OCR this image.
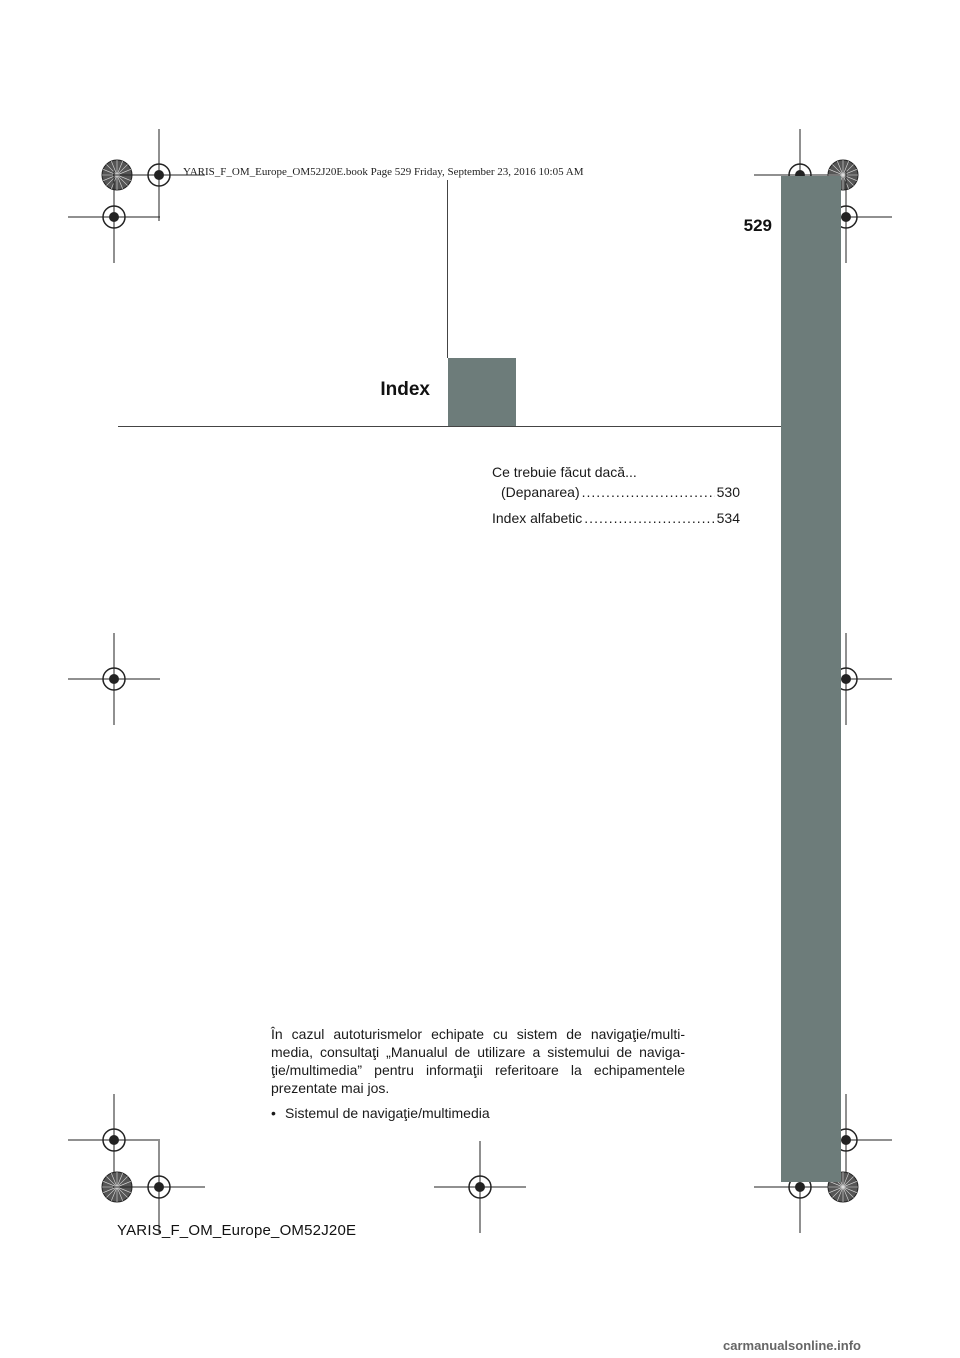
YARIS_F_OM_Europe_OM52J20E.book Page 529 Friday, September 23, 2016 10:05 AM
529
Index
Ce trebuie făcut dacă...
(Depanarea) .....	530
Index alfabetic .....	534
În cazul autoturismelor echipate cu sistem de navigaţie/multi-media, consultaţi „Manualul de utilizare a sistemului de naviga-ţie/multimedia” pentru informaţii referitoare la echipamentele prezentate mai jos.
• Sistemul de navigaţie/multimedia
YARIS_F_OM_Europe_OM52J20E
carmanualsonline.info
